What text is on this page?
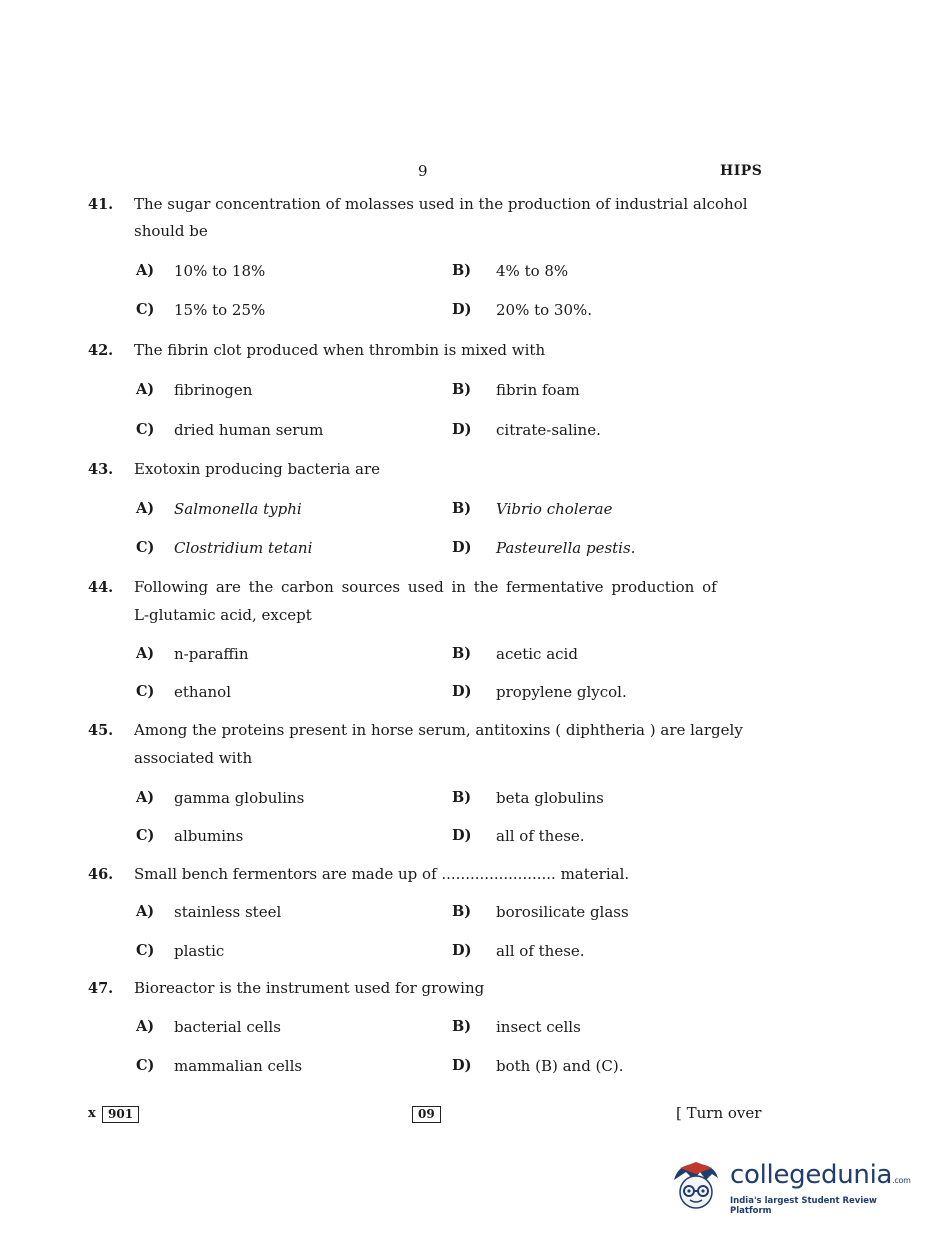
9	HIPS
41. The sugar concentration of molasses used in the production of industrial alcohol
should be
A) 10% to 18%	B) 4% to 8%
C) 15% to 25%	D) 20% to 30%.
42. The fibrin clot produced when thrombin is mixed with
A) fibrinogen	B) fibrin foam
C) dried human serum	D) citrate-saline.
43. Exotoxin producing bacteria are
A) Salmonella typhi	B) Vibrio cholerae
C) Clostridium tetani	D) Pasteurella pestis.
44. Following are the carbon sources used in the fermentative production of
L-glutamic acid, except
A) n-paraffin	B) acetic acid
C) ethanol	D) propylene glycol.
45. Among the proteins present in horse serum, antitoxins ( diphtheria ) are largely
associated with
A) gamma globulins	B) beta globulins
C) albumins	D) all of these.
46. Small bench fermentors are made up of ........................ material.
A) stainless steel	B) borosilicate glass
C) plastic	D) all of these.
47. Bioreactor is the instrument used for growing
A) bacterial cells	B) insect cells
C) mammalian cells	D) both (B) and (C).
x	901	09	[ Turn over
collegedunia.com
India's largest Student Review Platform
